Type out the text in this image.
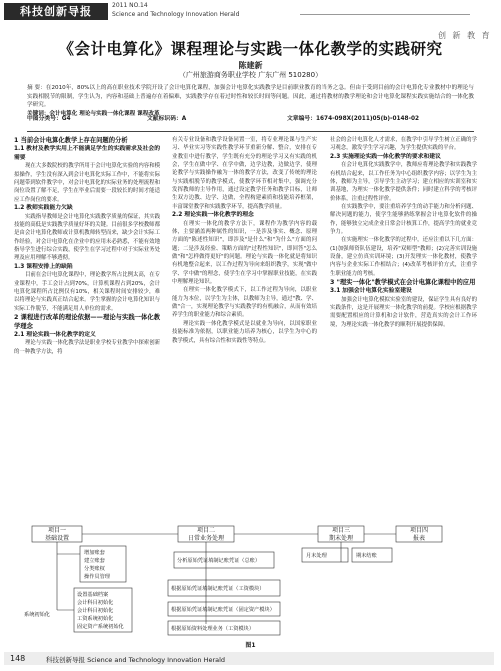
科技创新导报	2011 NO.14
Science and Technology Innovation Herald
创 新 教 育
《会计电算化》课程理论与实践一体化教学的实践研究
陈建新
（广州旅游商务职业学校 广东广州 510280）
摘 要：在2010年，80%以上的高在职业技术学院开设了会计电算化课程，加强会计电算化实践教学是目前职业教育的当务之急。但由于受到目前的会计电算化专业教材中的理论与实践相脱节的限制，学生认为，内容和基础上普遍存在着偏难，实践教学存在着过时性和较长时间等问题。因此，通过将教材的教学理论和会计电算化课程实践实施结合的一体化教学研究。
关键词：会计电算化 理论与实践一体化课程 课程改革
中图分类号：G4	文献标识码：A	文章编号：1674-098X(2011)05(b)-0148-02
1 当前会计电算化教学上存在问题的分析
1.1 教材及教学实用上不能满足学生的实践需求及社会的需要

现在大多数院校的教学所用于会计电算化实验的内容和模拟操作，学生没有深入到会计电算化实际工作中，不能将实际问题带到软件教学中，对会计电算化的实际业务的处理流程和岗位设置了解不足，学生在毕业后需要一段较长的时间才能适应工作岗位的要求。

1.2 教师实践能力欠缺

实践指导教师是会计电算化实践教学质量的保证，其实践技能的高低是实践教学质量好坏的关键。目前很多学校教师都是由会计电算化教师或计算机教师转型而来，缺少会计实际工作经验，对会计电算化在企业中的应用未必熟悉，不能有效地指导学生进行综合实践，使学生在学习过程中对于实际业务处理及应用理解不够透彻。

1.3 课程安排上的缺陷

目前在会计电算化课程中，理论教学所占比例太高，在专业课程中，手工会计占到70%，计算机课程占到20%，会计电算化课程所占比例仅有10%，相关课程时间安排较少，难以将理论与实践真正结合起来。学生掌握的会计电算化知识与实际工作脱节，不能满足用人单位的需求。

2 课程进行改革的理论依据——理论与实践一体化教学理念
2.1 理论实践一体化教学的定义

理论与实践一体化教学法是职业学校专业教学中探索创新的一种教学方法，将

有关专业设备和教学设备同置一室，将专业理论课与生产实习、毕业实习等实践性教学环节重新分解、整合，安排在专业教室中进行教学，学生既有充分的理论学习又有实践的机会，学生在做中学、在学中做，边学边教，边做边学，使理论教学与实践操作融为一体的教学方法，改变了传统的理论与实践相脱节的教学模式，使教学环节相对集中，强调充分发挥教师的主导作用，通过设定教学任务和教学目标，让师生双方边教、边学、边做，全程构建素质和技能培养框架，丰富课堂教学和实践教学环节，提高教学质量。

2.2 理论实践一体化教学的理念

在理实一体化的教学方法下，课程作为教学内容的载体，主要涵盖两种属性的知识，一是涉及事实、概念、原理方面的"陈述性知识"，即涉及"是什么"和"为什么"方面的问题；二是涉及经验、策略方面的"过程性知识"，即回答"怎么做"和"怎样做得更好"的问题。理论与实践一体化就是将知识有机地整合起来，以工作过程为导向来组织教学，实现"做中学、学中做"的理念，使学生在学习中掌握职业技能，在实践中理解理论知识。

在理实一体化教学模式下，以工作过程为导向，以职业能力为本位，以学生为主体，以教师为主导，通过"教、学、做"合一，实现理论教学与实践教学的有机融合，从而有效培养学生的职业能力和综合素质。

理论实践一体化教学模式是以就业为导向，以国家职业技能标准为依据，以职业能力培养为核心，以学生为中心的教学模式，具有综合性和实践性等特点。

社会的会计电算化人才需求，在教学中引导学生树立正确的学习观念，激发学生学习兴趣，为学生提供实践的平台。

2.3 实施理论实践一体化教学的要求和建议

在会计电算化实践教学中，教师应将理论教学和实践教学有机结合起来，以工作任务为中心组织教学内容；以学生为主体，教师为主导，引导学生主动学习；建立相应的实训室和实训基地，为理实一体化教学提供条件；同时建立科学的考核评价体系，注重过程性评价。

在实践教学中，要注重培养学生的动手能力和分析问题、解决问题的能力，使学生能够熟练掌握会计电算化软件的操作，能够独立完成企业日常会计核算工作，提高学生的就业竞争力。

在实施理实一体化教学的过程中，还应注重以下几方面：(1)加强师资队伍建设，培养"双师型"教师；(2)完善实训设施设备，建立仿真实训环境；(3)开发理实一体化教材，使教学内容与企业实际工作相结合；(4)改革考核评价方式，注重学生职业能力的考核。

3 "理实一体化"教学模式在会计电算化课程中的应用
3.1 加强会计电算化实验室建设

加强会计电算化模拟实验室的建设，保证学生具有良好的实践条件，这是开展理实一体化教学的前提。学校应根据教学需要配置相应的计算机和会计软件，营造真实的会计工作环境，为理论实践一体化教学的顺利开展提供保障。

项目一
基础设置
项目二
日常业务处理
项目三
期末处理
项目四
报表
增加账套
建立账套
分类账权
操作员管理
系统初始化
设置基础档案
会计科目初始化
会计科目初始化
工资系统初始化
固定资产系统初始化
分析原始凭证填制记账凭证（总账）
根据原始凭证填制记账凭证（工资模块）
根据原始凭证填制记账凭证（固定资产模块）
根据原始资料处理业务（工资模块）
月末处理	期末结账
图1
148	科技创新导报 Science and Technology Innovation Herald
